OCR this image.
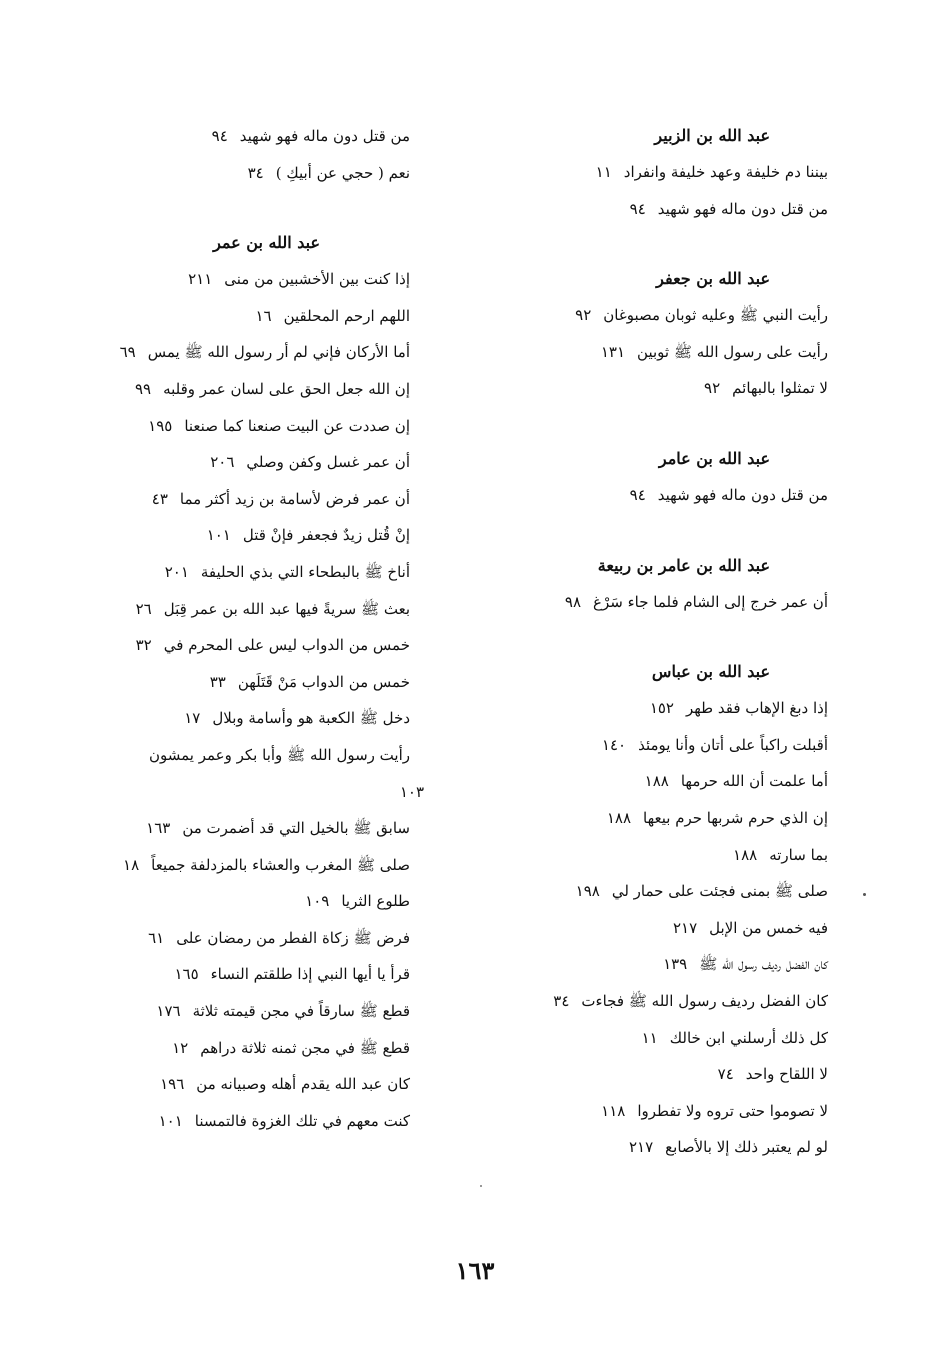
عبد الله بن الزبير
بيننا دم خليفة وعهد خليفة وانفراد١١
من قتل دون ماله فهو شهيد٩٤
عبد الله بن جعفر
رأيت النبي ﷺ وعليه ثوبان مصبوغان٩٢
رأيت على رسول الله ﷺ ثوبين١٣١
لا تمثلوا بالبهائم٩٢
عبد الله بن عامر
من قتل دون ماله فهو شهيد٩٤
عبد الله بن عامر بن ربيعة
أن عمر خرج إلى الشام فلما جاء سَرْغ٩٨
عبد الله بن عباس
إذا دبغ الإهاب فقد طهر١٥٢
أقبلت راكباً على أتان وأنا يومئذ١٤٠
أما علمت أن الله حرمها١٨٨
إن الذي حرم شربها حرم بيعها١٨٨
بما سارته١٨٨
صلى ﷺ بمنى فجئت على حمار لي١٩٨
فيه خمس من الإبل٢١٧
كان الفضل رديف رسول الله ﷺ١٣٩
كان الفضل رديف رسول الله ﷺ فجاءت٣٤
كل ذلك أرسلني ابن خالك١١
لا اللقاح واحد٧٤
لا تصوموا حتى تروه ولا تفطروا١١٨
لو لم يعتبر ذلك إلا بالأصابع٢١٧
من قتل دون ماله فهو شهيد٩٤
نعم ( حجي عن أبيكِ )٣٤
عبد الله بن عمر
إذا كنت بين الأخشبين من منى٢١١
اللهم ارحم المحلقين١٦
أما الأركان فإني لم أر رسول الله ﷺ يمس٦٩
إن الله جعل الحق على لسان عمر وقلبه٩٩
إن صددت عن البيت صنعنا كما صنعنا١٩٥
أن عمر غسل وكفن وصلي٢٠٦
أن عمر فرض لأسامة بن زيد أكثر مما٤٣
إنْ قُتل زيدٌ فجعفر فإنْ قتل١٠١
أناخ ﷺ بالبطحاء التي بذي الحليفة٢٠١
بعث ﷺ سريةً فيها عبد الله بن عمر قِبَل٢٦
خمس من الدواب ليس على المحرم في٣٢
خمس من الدواب مَنْ قَتَلَهن٣٣
دخل ﷺ الكعبة هو وأسامة وبلال١٧
رأيت رسول الله ﷺ وأبا بكر وعمر يمشون
١٠٣
سابق ﷺ بالخيل التي قد أضمرت من١٦٣
صلى ﷺ المغرب والعشاء بالمزدلفة جميعاً١٨
طلوع الثريا١٠٩
فرض ﷺ زكاة الفطر من رمضان على٦١
قرأ يا أيها النبي إذا طلقتم النساء١٦٥
قطع ﷺ سارقاً في مجن قيمته ثلاثة١٧٦
قطع ﷺ في مجن ثمنه ثلاثة دراهم١٢
كان عبد الله يقدم أهله وصبيانه من١٩٦
كنت معهم في تلك الغزوة فالتمسنا١٠١
١٦٣
